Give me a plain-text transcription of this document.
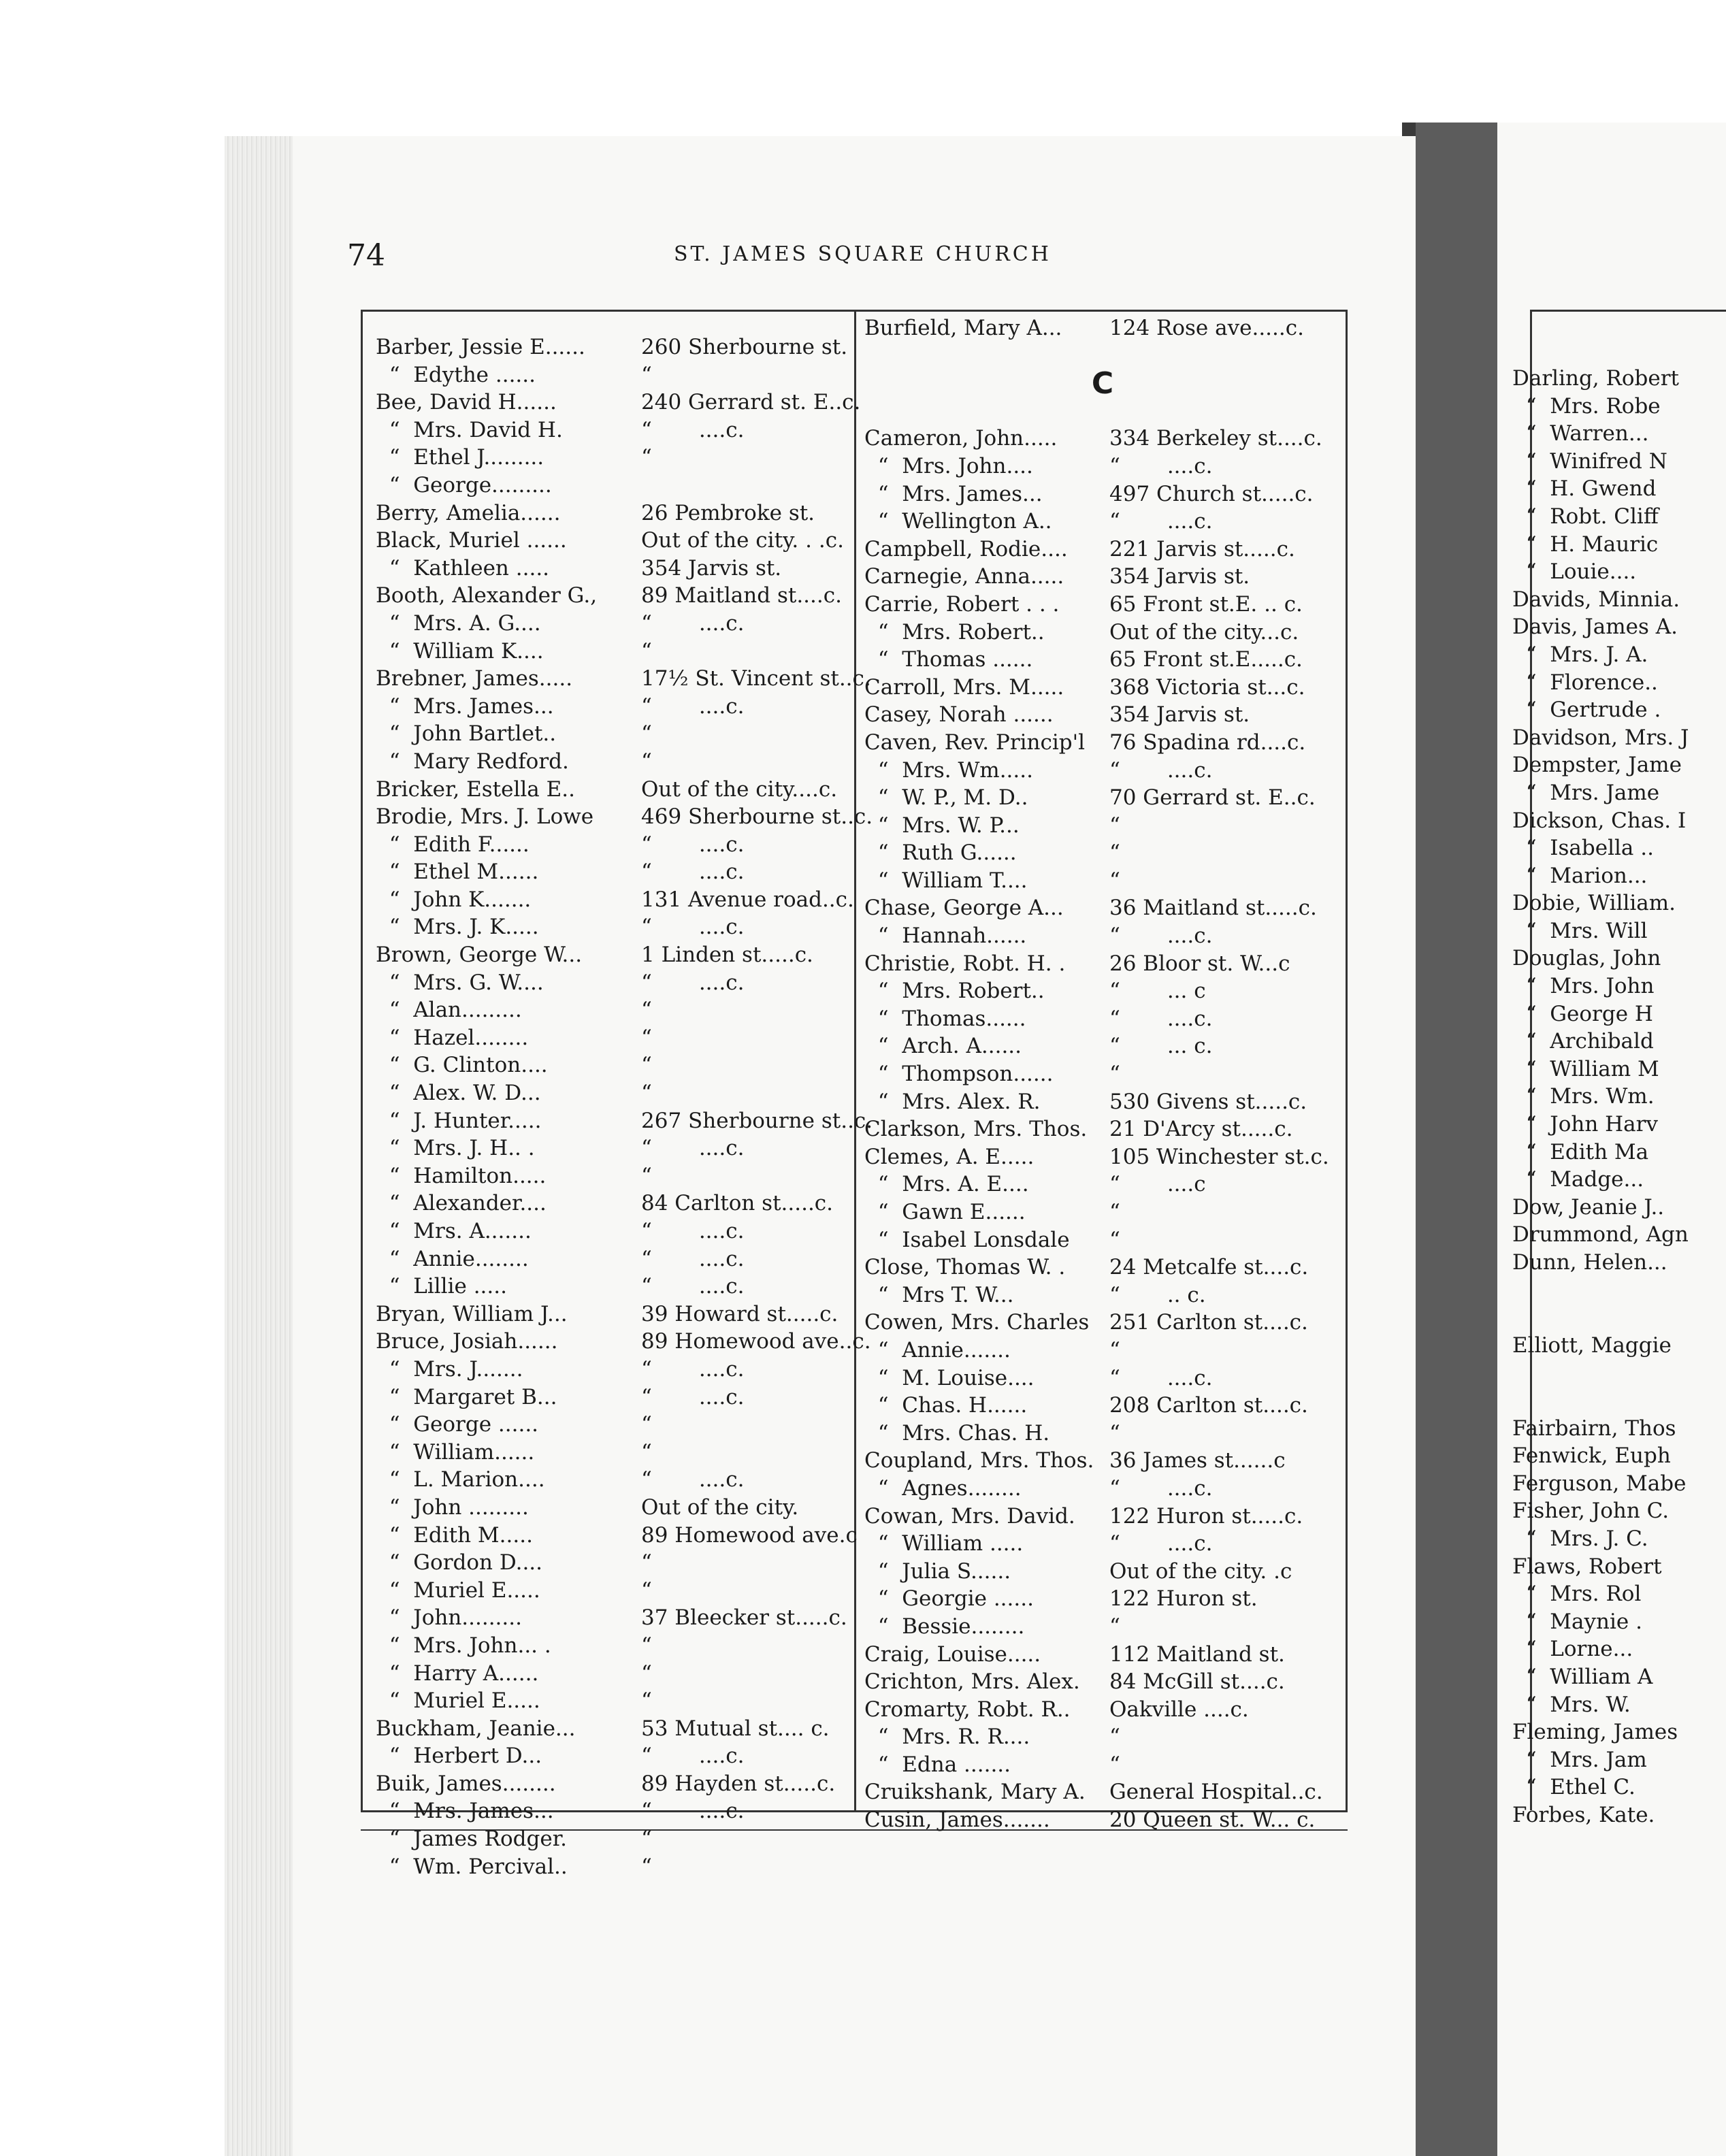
74	ST. JAMES SQUARE CHURCH
Barber, Jessie E......	260 Sherbourne st.
“  Edythe ......	“
Bee, David H......	240 Gerrard st. E..c.
“  Mrs. David H.	“       ....c.
“  Ethel J.........	“
“  George.........
Berry, Amelia......	26 Pembroke st.
Black, Muriel ......	Out of the city. . .c.
“  Kathleen .....	354 Jarvis st.
Booth, Alexander G., 89 Maitland st....c.
“  Mrs. A. G....	“       ....c.
“  William K....	“
Brebner, James.....	17½ St. Vincent st..c.
“  Mrs. James...	“       ....c.
“  John Bartlet..	“
“  Mary Redford.	“
Bricker, Estella E..	Out of the city....c.
Brodie, Mrs. J. Lowe 469 Sherbourne st..c.
“  Edith F......	“       ....c.
“  Ethel M......	“       ....c.
“  John K.......	131 Avenue road..c.
“  Mrs. J. K.....	“       ....c.
Brown, George W...	1 Linden st.....c.
“  Mrs. G. W....	“       ....c.
“  Alan.........	“
“  Hazel........	“
“  G. Clinton....	“
“  Alex. W. D...	“
“  J. Hunter.....	267 Sherbourne st..c.
“  Mrs. J. H.. .	“       ....c.
“  Hamilton.....	“
“  Alexander....	84 Carlton st.....c.
“  Mrs. A.......	“       ....c.
“  Annie........	“       ....c.
“  Lillie .....	“       ....c.
Bryan, William J...	39 Howard st.....c.
Bruce, Josiah......	89 Homewood ave..c.
“  Mrs. J.......	“       ....c.
“  Margaret B...	“       ....c.
“  George ......	“
“  William......	“
“  L. Marion....	“       ....c.
“  John .........	Out of the city.
“  Edith M.....	89 Homewood ave.c
“  Gordon D....	“
“  Muriel E.....	“
“  John.........	37 Bleecker st.....c.
“  Mrs. John... .	“
“  Harry A......	“
“  Muriel E.....	“
Buckham, Jeanie...	53 Mutual st.... c.
“  Herbert D...	“       ....c.
Buik, James........	89 Hayden st.....c.
“  Mrs. James...	“       ....c.
“  James Rodger.	“
“  Wm. Percival..	“
Burfield, Mary A... 124 Rose ave.....c.
C
Cameron, John..... 334 Berkeley st....c.
“  Mrs. John....	“       ....c.
“  Mrs. James...	497 Church st.....c.
“  Wellington A..	“       ....c.
Campbell, Rodie.... 221 Jarvis st.....c.
Carnegie, Anna..... 354 Jarvis st.
Carrie, Robert . . . 65 Front st.E. .. c.
“  Mrs. Robert..	Out of the city...c.
“  Thomas ......	65 Front st.E.....c.
Carroll, Mrs. M..... 368 Victoria st...c.
Casey, Norah ......	354 Jarvis st.
Caven, Rev. Princip'l 76 Spadina rd....c.
“  Mrs. Wm.....	“       ....c.
“  W. P., M. D..	70 Gerrard st. E..c.
“  Mrs. W. P...	“
“  Ruth G......	“
“  William T....	“
Chase, George A... 36 Maitland st.....c.
“  Hannah......	“       ....c.
Christie, Robt. H. . 26 Bloor st. W...c
“  Mrs. Robert..	“       ... c
“  Thomas......	“       ....c.
“  Arch. A......	“       ... c.
“  Thompson......	“
“  Mrs. Alex. R.	530 Givens st.....c.
Clarkson, Mrs. Thos. 21 D'Arcy st.....c.
Clemes, A. E.....	105 Winchester st.c.
“  Mrs. A. E....	“       ....c
“  Gawn E......	“
“  Isabel Lonsdale “
Close, Thomas W. . 24 Metcalfe st....c.
“  Mrs T. W...	“       .. c.
Cowen, Mrs. Charles 251 Carlton st....c.
“  Annie.......	“
“  M. Louise....	“       ....c.
“  Chas. H......	208 Carlton st....c.
“  Mrs. Chas. H.	“
Coupland, Mrs. Thos. 36 James st......c
“  Agnes........	“       ....c.
Cowan, Mrs. David. 122 Huron st.....c.
“  William .....	“       ....c.
“  Julia S......	Out of the city. .c
“  Georgie ......	122 Huron st.
“  Bessie........	“
Craig, Louise.....	112 Maitland st.
Crichton, Mrs. Alex. 84 McGill st....c.
Cromarty, Robt. R.. Oakville ....c.
“  Mrs. R. R....	“
“  Edna .......	“
Cruikshank, Mary A. General Hospital..c.
Cusin, James.......	20 Queen st. W... c.
Darling, Robert
“  Mrs. Robe
“  Warren...
“  Winifred N
“  H. Gwend
“  Robt. Cliff
“  H. Mauric
“  Louie....
Davids, Minnia.
Davis, James A.
“  Mrs. J. A.
“  Florence..
“  Gertrude .
Davidson, Mrs. J
Dempster, Jame
“  Mrs. Jame
Dickson, Chas. I
“  Isabella ..
“  Marion...
Dobie, William.
“  Mrs. Will
Douglas, John
“  Mrs. John
“  George H
“  Archibald
“  William M
“  Mrs. Wm.
“  John Harv
“  Edith Ma
“  Madge...
Dow, Jeanie J..
Drummond, Agn
Dunn, Helen...
Elliott, Maggie
Fairbairn, Thos
Fenwick, Euph
Ferguson, Mabe
Fisher, John C.
“  Mrs. J. C.
Flaws, Robert
“  Mrs. Rol
“  Maynie .
“  Lorne...
“  William A
“  Mrs. W.
Fleming, James
“  Mrs. Jam
“  Ethel C.
Forbes, Kate.
